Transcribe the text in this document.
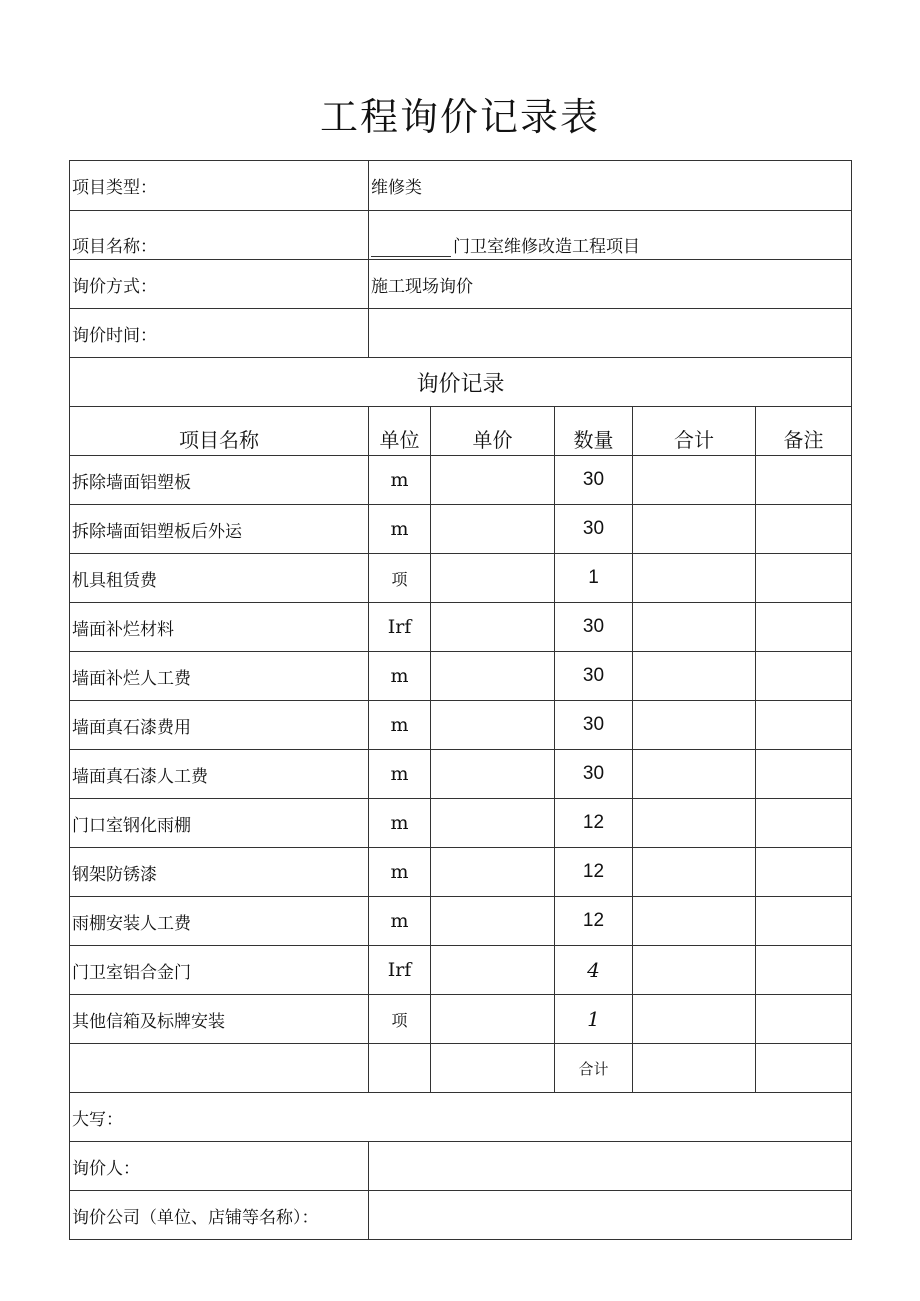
工程询价记录表
项目类型：	维修类				
项目名称：	门卫室维修改造工程项目				
询价方式：	施工现场询价				
询价时间：					
询价记录					
项目名称	单位	单价	数量	合计	备注
拆除墙面铝塑板	m		30		
拆除墙面铝塑板后外运	m		30		
机具租赁费	项		1		
墙面补烂材料	Irf		30		
墙面补烂人工费	m		30		
墙面真石漆费用	m		30		
墙面真石漆人工费	m		30		
门口室钢化雨棚	m		12		
钢架防锈漆	m		12		
雨棚安装人工费	m		12		
门卫室铝合金门	Irf		4		
其他信箱及标牌安装	项		1		
			合计		
大写：					
询价人：					
询价公司（单位、店铺等名称）：					
